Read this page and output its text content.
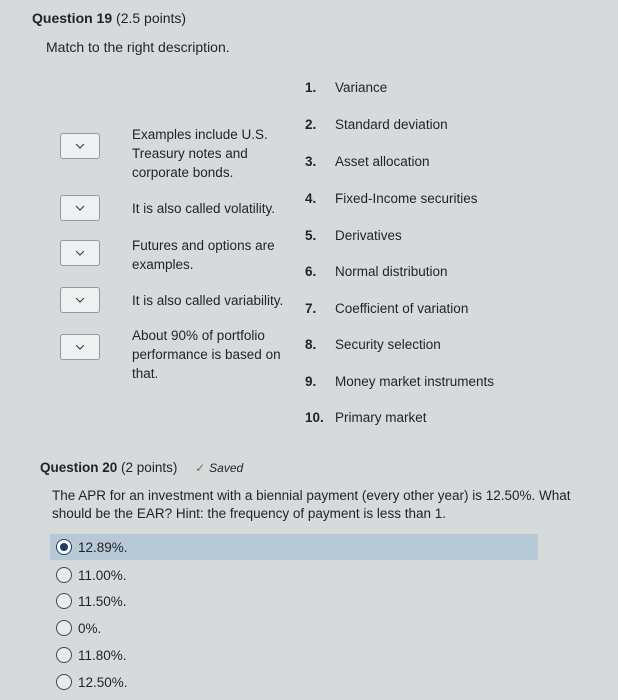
Question 19 (2.5 points)
Match to the right description.
Examples include U.S. Treasury notes and corporate bonds.
It is also called volatility.
Futures and options are examples.
It is also called variability.
About 90% of portfolio performance is based on that.
1. Variance
2. Standard deviation
3. Asset allocation
4. Fixed-Income securities
5. Derivatives
6. Normal distribution
7. Coefficient of variation
8. Security selection
9. Money market instruments
10. Primary market
Question 20 (2 points) ✓ Saved
The APR for an investment with a biennial payment (every other year) is 12.50%. What should be the EAR? Hint: the frequency of payment is less than 1.
12.89%.
11.00%.
11.50%.
0%.
11.80%.
12.50%.
